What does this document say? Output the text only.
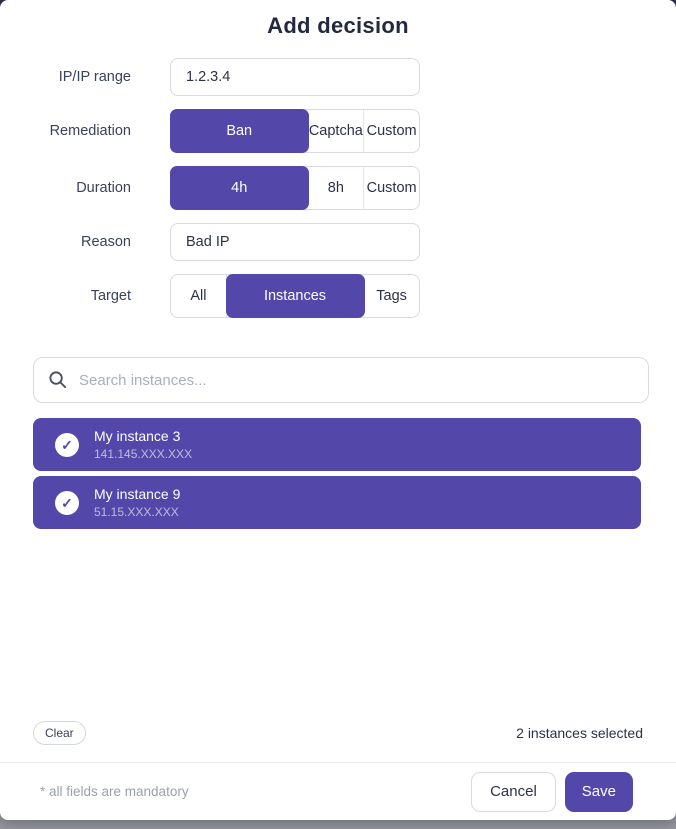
Add decision
IP/IP range
1.2.3.4
Remediation	Ban	Captcha Custom
Duration	4h	8h	Custom
Reason
Bad IP
Target	All	Instances	Tags
Search instances...
✓
My instance 3
141.145.XXX.XXX
✓
My instance 9
51.15.XXX.XXX
Clear	2 instances selected
* all fields are mandatory	Cancel	Save
